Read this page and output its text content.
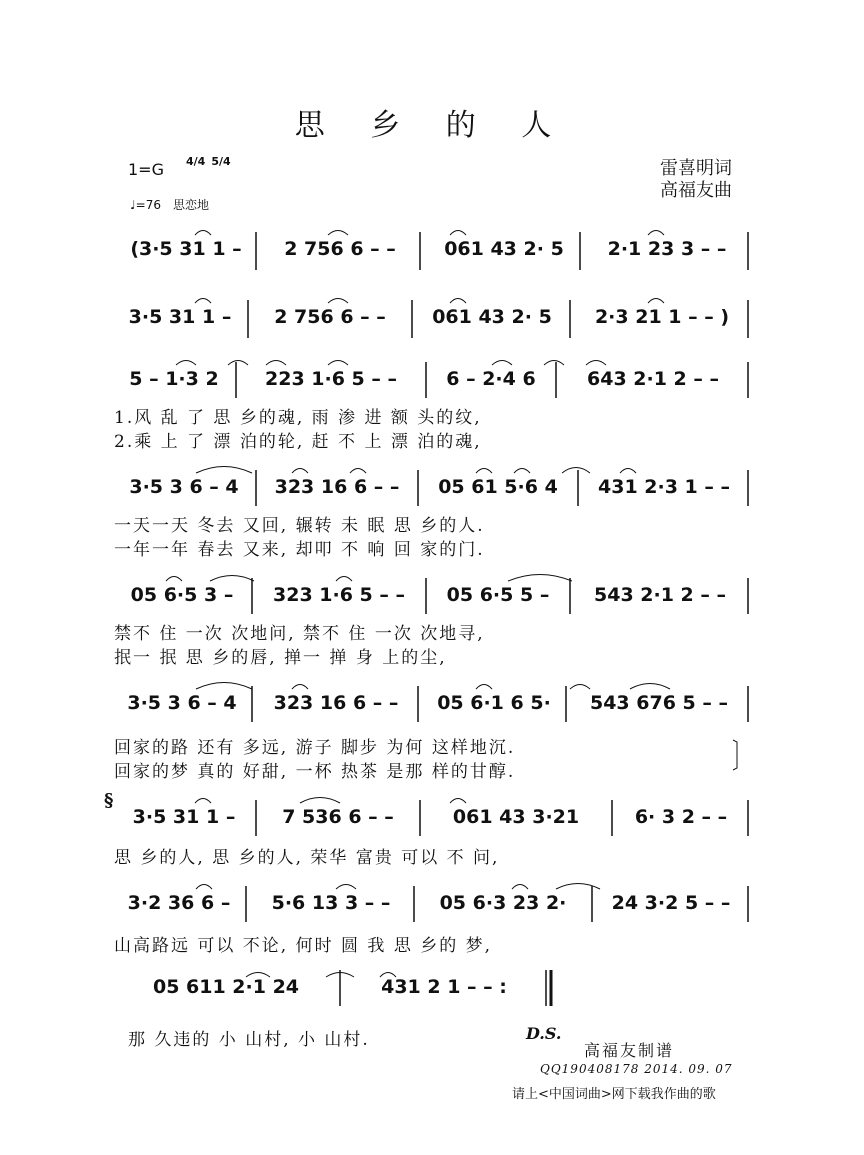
思 乡 的 人
1=G 4/4 5/4
♩=76　思恋地
雷喜明词
高福友曲
(3·5 31 1 –	2 756 6 – –	061 43 2· 5	2·1 23 3 – –
3·5 31 1 –	2 756 6 – –	061 43 2· 5	2·3 21 1 – – )
5 – 1·3 2	223 1·6 5 – –	6 – 2·4 6	643 2·1 2 – –
1.风 乱 了 思 乡的魂, 雨 渗 进 额 头的纹,
2.乘 上 了 漂 泊的轮, 赶 不 上 漂 泊的魂,
3·5 3 6 – 4	323 16 6 – –	05 61 5·6 4	431 2·3 1 – –
一天一天 冬去 又回, 辗转 未 眠 思 乡的人.
一年一年 春去 又来, 却叩 不 响 回 家的门.
05 6·5 3 –	323 1·6 5 – –	05 6·5 5 –	543 2·1 2 – –
禁不 住 一次 次地问, 禁不 住 一次 次地寻,
抿一 抿 思 乡的唇, 掸一 掸 身 上的尘,
3·5 3 6 – 4	323 16 6 – –	05 6·1 6 5·	543 676 5 – –
回家的路 还有 多远, 游子 脚步 为何 这样地沉.
回家的梦 真的 好甜, 一杯 热茶 是那 样的甘醇.
§
3·5 31 1 –	7 536 6 – –	061 43 3·21	6· 3 2 – –
思 乡的人, 思 乡的人, 荣华 富贵 可以 不 问,
3·2 36 6 –	5·6 13 3 – –	05 6·3 23 2·	24 3·2 5 – –
山高路远 可以 不论, 何时 圆 我 思 乡的 梦,
05 611 2·1 24	431 2 1 – – :
那 久违的 小 山村, 小 山村.	D.S.
高福友制谱
QQ190408178 2014. 09. 07
请上<中国词曲>网下载我作曲的歌
